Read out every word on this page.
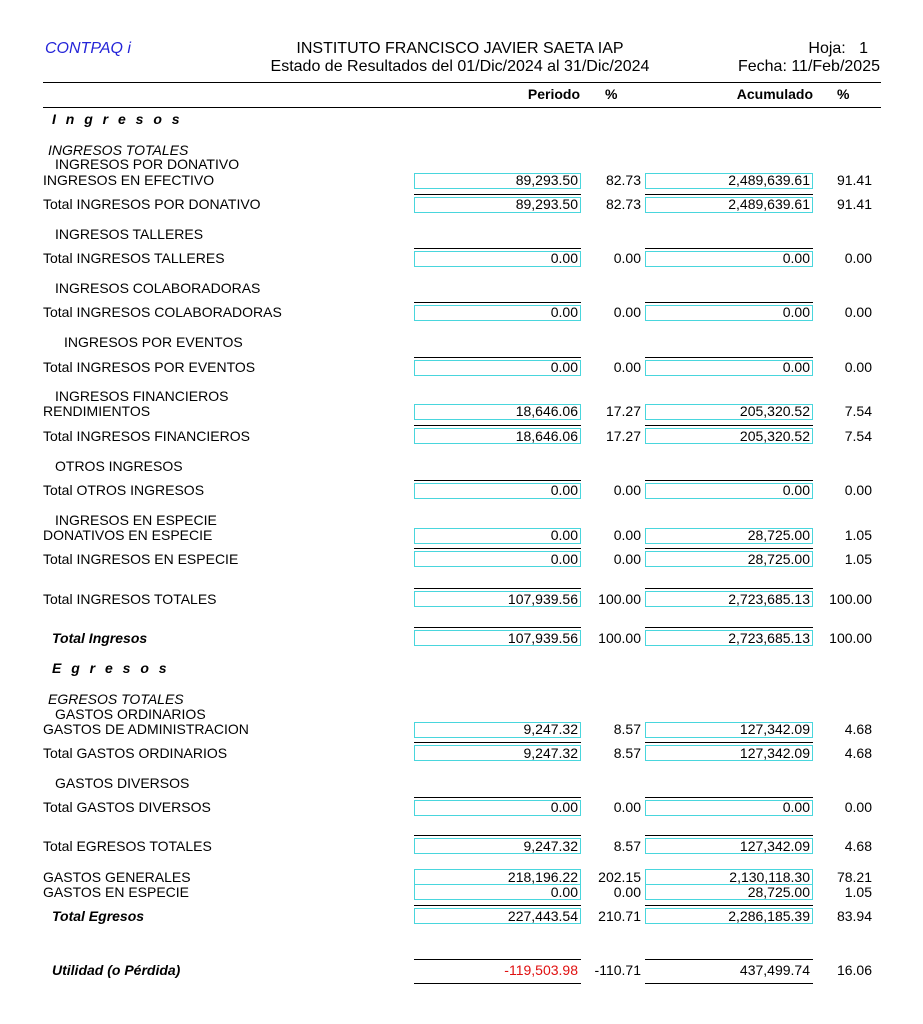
CONTPAQ i	INSTITUTO FRANCISCO JAVIER SAETA IAP
Estado de Resultados del 01/Dic/2024 al 31/Dic/2024
Hoja: 1
Fecha: 11/Feb/2025
Periodo %	Acumulado %
I n g r e s o s
INGRESOS TOTALES
INGRESOS POR DONATIVO
INGRESOS EN EFECTIVO	89,293.50 82.73	2,489,639.61 91.41
Total INGRESOS POR DONATIVO	89,293.50 82.73	2,489,639.61 91.41
INGRESOS TALLERES
Total INGRESOS TALLERES	0.00	0.00	0.00 0.00
INGRESOS COLABORADORAS
Total INGRESOS COLABORADORAS	0.00	0.00	0.00 0.00
INGRESOS POR EVENTOS
Total INGRESOS POR EVENTOS	0.00	0.00	0.00 0.00
INGRESOS FINANCIEROS
RENDIMIENTOS	18,646.06 17.27	205,320.52 7.54
Total INGRESOS FINANCIEROS	18,646.06 17.27	205,320.52 7.54
OTROS INGRESOS
Total OTROS INGRESOS	0.00	0.00	0.00 0.00
INGRESOS EN ESPECIE
DONATIVOS EN ESPECIE	0.00	0.00	28,725.00 1.05
Total INGRESOS EN ESPECIE	0.00	0.00	28,725.00 1.05
Total INGRESOS TOTALES	107,939.56 100.00	2,723,685.13 100.00
Total Ingresos	107,939.56 100.00	2,723,685.13 100.00
E g r e s o s
EGRESOS TOTALES
GASTOS ORDINARIOS
GASTOS DE ADMINISTRACION	9,247.32	8.57	127,342.09 4.68
Total GASTOS ORDINARIOS	9,247.32	8.57	127,342.09 4.68
GASTOS DIVERSOS
Total GASTOS DIVERSOS	0.00	0.00	0.00 0.00
Total EGRESOS TOTALES	9,247.32	8.57	127,342.09 4.68
GASTOS GENERALES	218,196.22 202.15	2,130,118.30 78.21
GASTOS EN ESPECIE	0.00	0.00	28,725.00 1.05
Total Egresos	227,443.54 210.71	2,286,185.39 83.94
Utilidad (o Pérdida)	-119,503.98 -110.71	437,499.74 16.06
